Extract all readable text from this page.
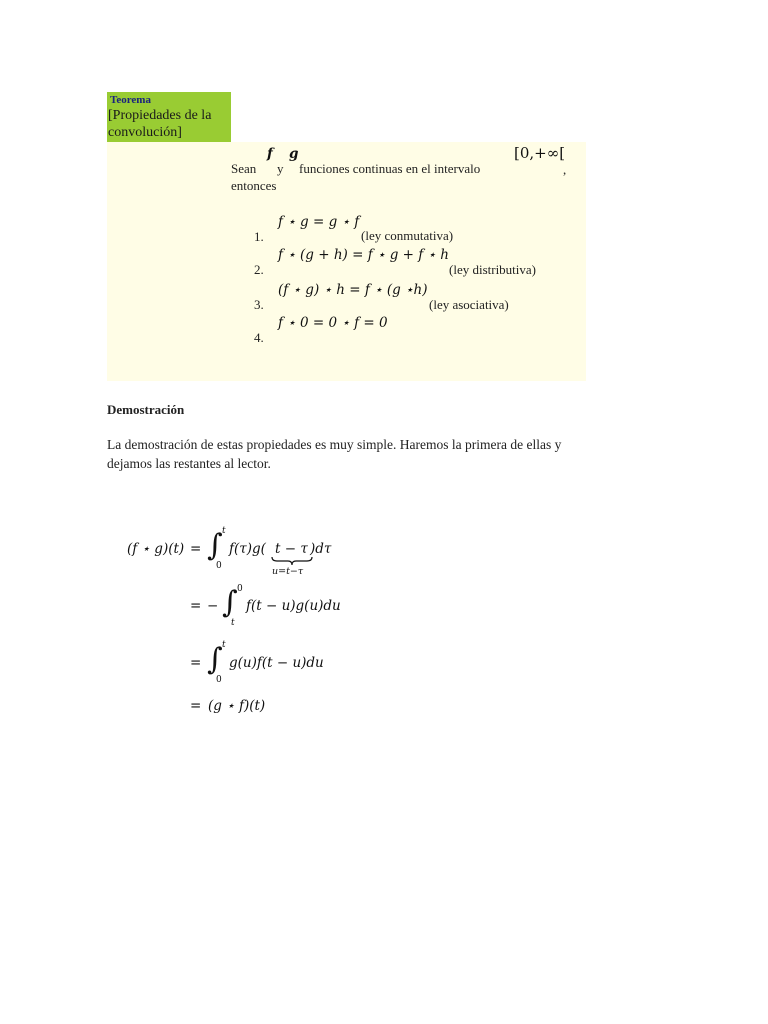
Teorema
[Propiedades de la
convolución]
Sean
f
y
g
funciones continuas en el intervalo
[0,+∞[
,
entonces
1.
f ⋆ g = g ⋆ f
(ley conmutativa)
2.
f ⋆ (g + h) = f ⋆ g + f ⋆ h
(ley distributiva)
3.
(f ⋆ g) ⋆ h = f ⋆ (g ⋆h)
(ley asociativa)
4.
f ⋆ 0 = 0 ⋆ f = 0
Demostración
La demostración de estas propiedades es muy simple. Haremos la primera de ellas y
dejamos las restantes al lector.
(f ⋆ g)(t) = ∫ t
0
f(τ)g( t − τ )dτ
u=t−τ
= − ∫ 0
t
f(t − u)g(u)du
= ∫ t
0
g(u)f(t − u)du
= (g ⋆ f)(t)
